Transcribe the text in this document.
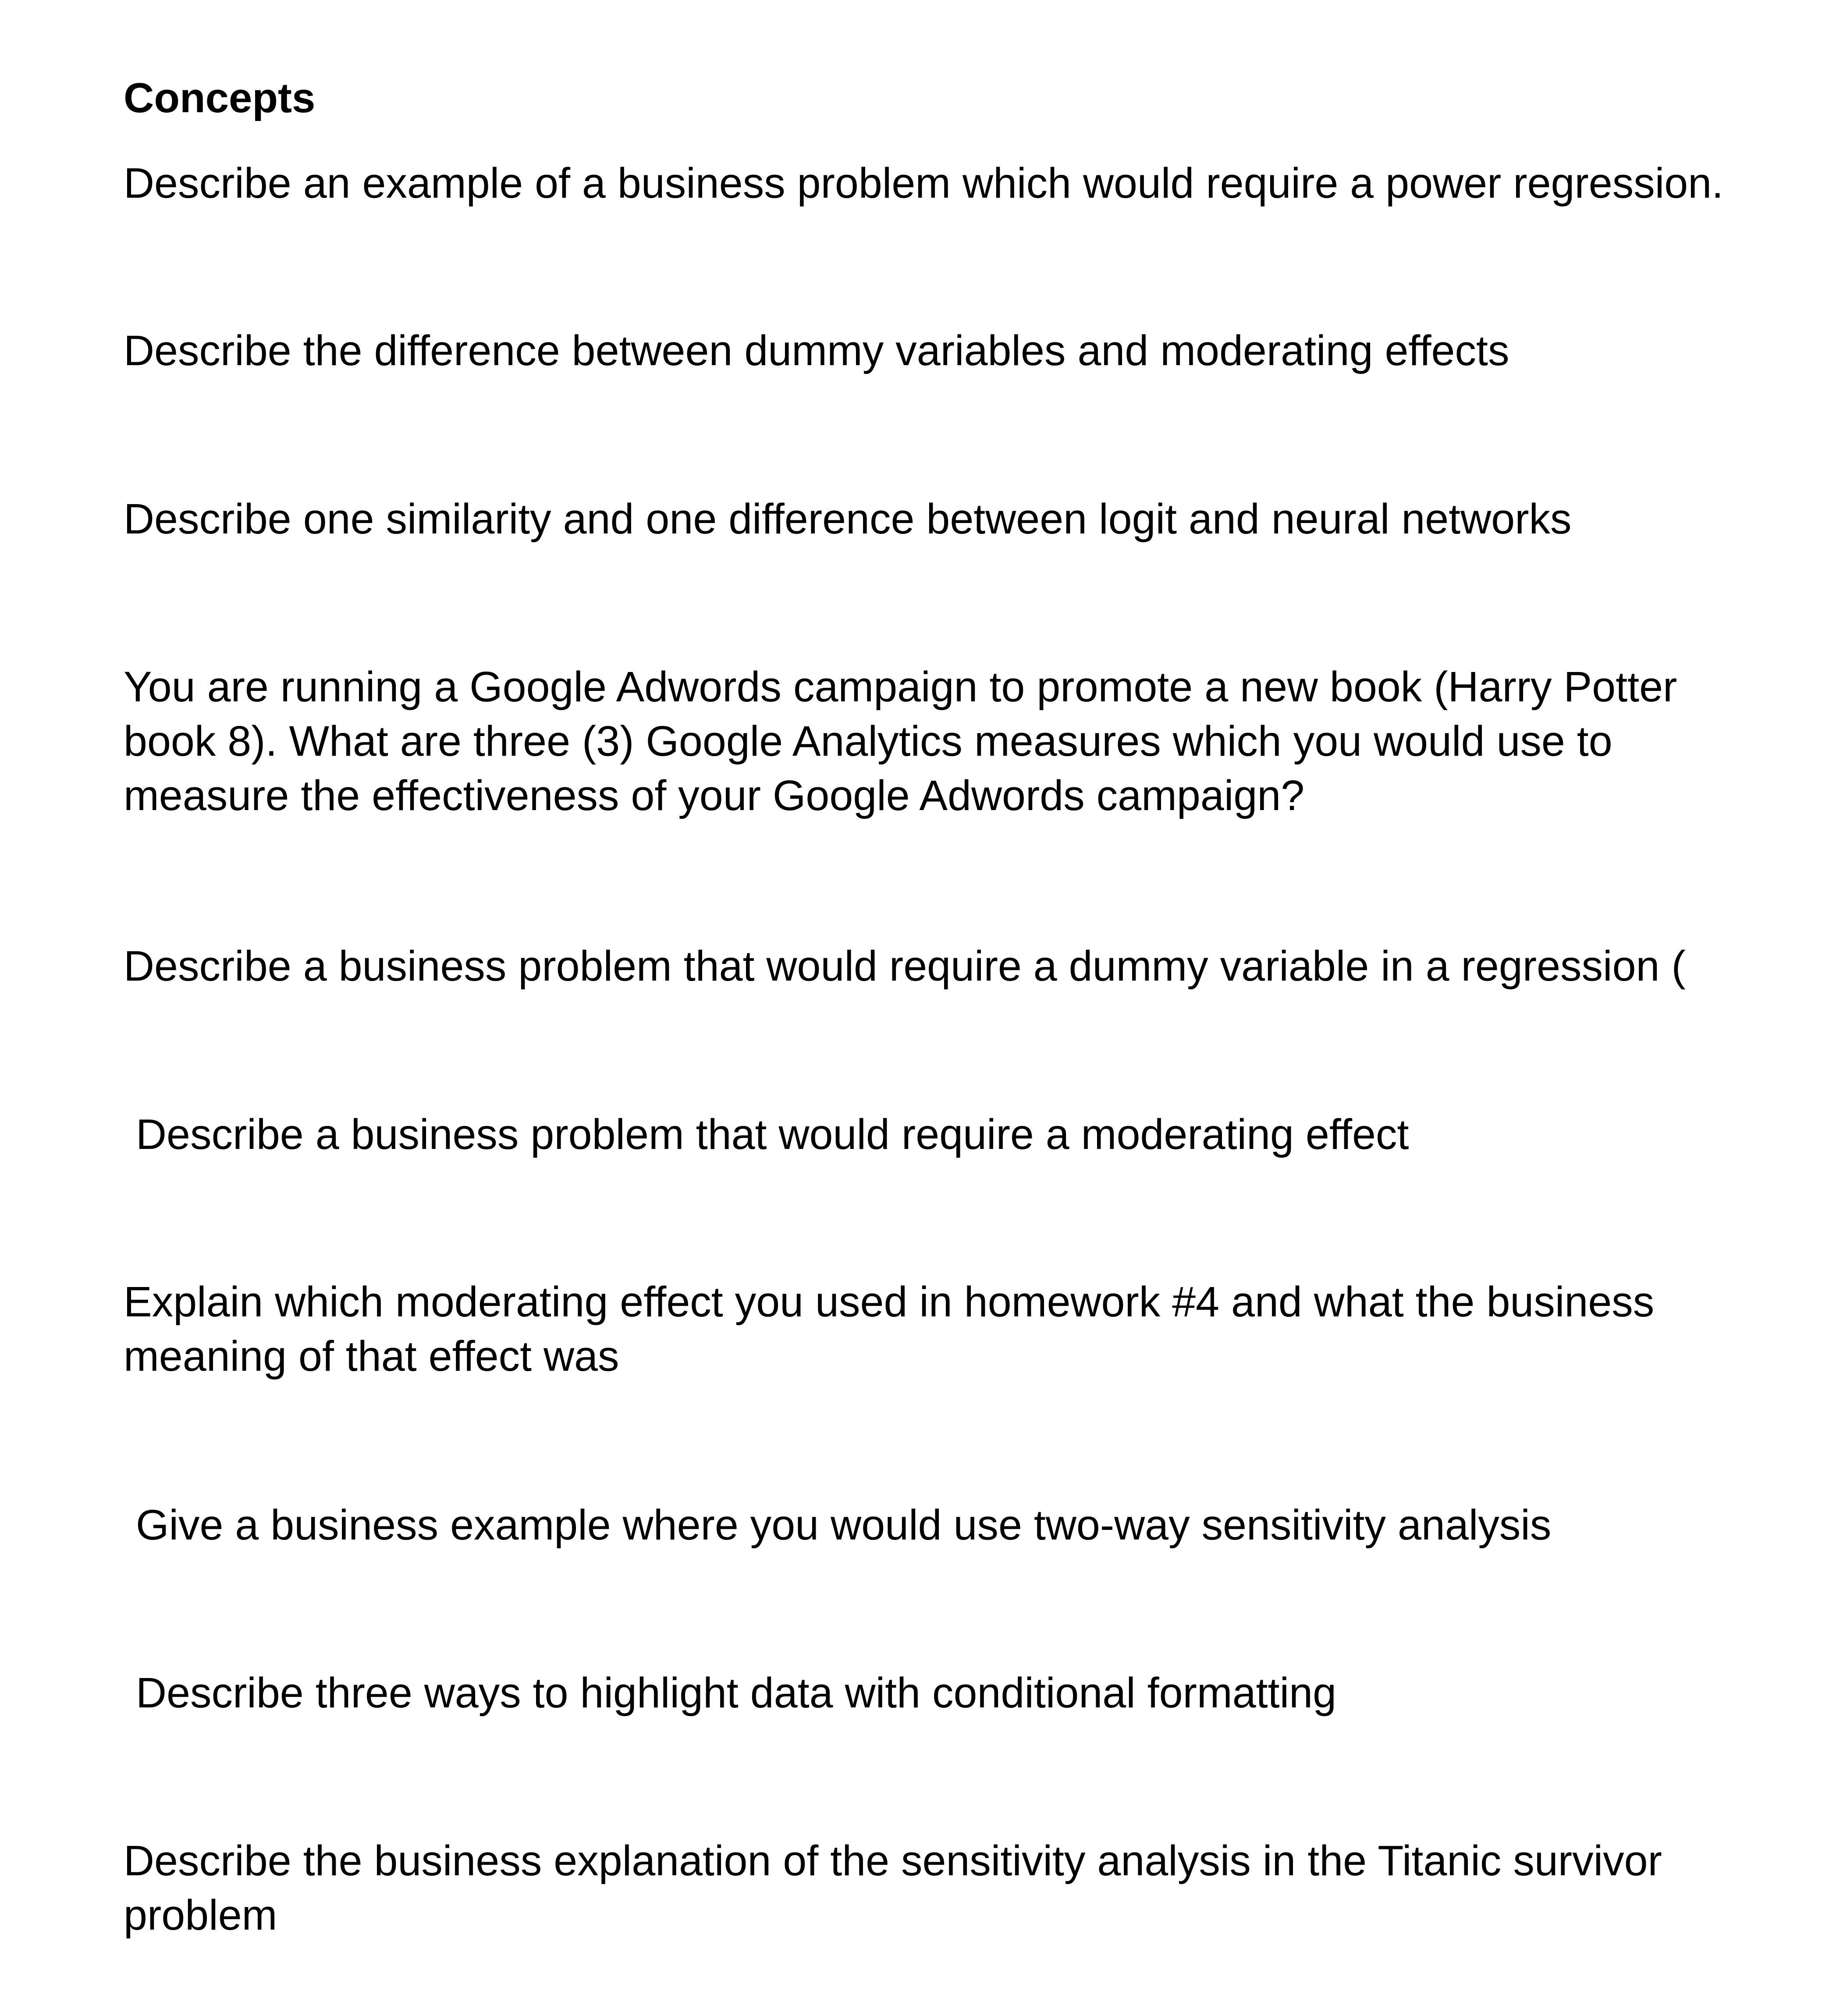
Concepts
Describe an example of a business problem which would require a power regression.
Describe the difference between dummy variables and moderating effects
Describe one similarity and one difference between logit and neural networks
You are running a Google Adwords campaign to promote a new book (Harry Potter
book 8). What are three (3) Google Analytics measures which you would use to
measure the effectiveness of your Google Adwords campaign?
Describe a business problem that would require a dummy variable in a regression (
Describe a business problem that would require a moderating effect
Explain which moderating effect you used in homework #4 and what the business
meaning of that effect was
Give a business example where you would use two-way sensitivity analysis
Describe three ways to highlight data with conditional formatting
Describe the business explanation of the sensitivity analysis in the Titanic survivor
problem
